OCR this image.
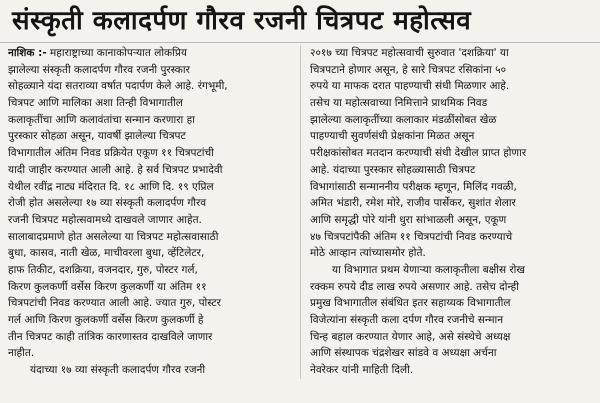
संस्कृती कलादर्पण गौरव रजनी चित्रपट महोत्सव
नाशिक :- महाराष्ट्राच्या कानाकोपऱ्यात लोकप्रिय
झालेल्या संस्कृती कलादर्पण गौरव रजनी पुरस्कार
सोहळ्याने यंदा सतराव्या वर्षात पदार्पण केले आहे. रंगभूमी,
चित्रपट आणि मालिका अशा तिन्ही विभागातील
कलाकृतींचा आणि कलावंतांचा सन्मान करणारा हा
पुरस्कार सोहळा असून, यावर्षी झालेल्या चित्रपट
विभागातील अंतिम निवड प्रक्रियेत एकूण ११ चित्रपटांची
यादी जाहीर करण्यात आली आहे. हे सर्व चित्रपट प्रभादेवी
येथील रवींद्र नाट्य मंदिरात दि. १८ आणि दि. १९ एप्रिल
रोजी होत असलेल्या १७ व्या संस्कृती कलादर्पण गौरव
रजनी चित्रपट महोत्सवामध्ये दाखवले जाणार आहेत.
सालाबादप्रमाणे होत असलेल्या या चित्रपट महोत्सवासाठी
बुधा, कासव, नाती खेळ, माचीवरला बुधा, व्हेंटिलेटर,
हाफ तिकीट, दशक्रिया, वजनदार, गुरु, पोस्टर गर्ल,
किरण कुलकर्णी वर्सेस किरण कुलकर्णी या अंतिम ११
चित्रपटांची निवड करण्यात आली आहे. ज्यात गुरु, पोस्टर
गर्ल आणि किरण कुलकर्णी वर्सेस किरण कुलकर्णी हे
तीन चित्रपट काही तांत्रिक कारणास्तव दाखविले जाणार
नाहीत.
यंदाच्या १७ व्या संस्कृती कलादर्पण गौरव रजनी
२०१७ च्या चित्रपट महोत्सवाची सुरुवात 'दशक्रिया' या
चित्रपटाने होणार असून, हे सारे चित्रपट रसिकांना ५०
रुपये या माफक दरात पाहण्याची संधी मिळणार आहे.
तसेच या महोत्सवाच्या निमित्ताने प्राथमिक निवड
झालेल्या कलाकृतींच्या कलाकार मंडळींसोबत खेळ
पाहण्याची सुवर्णसंधी प्रेक्षकांना मिळत असून
परीक्षकांसोबत मतदान करण्याची संधी देखील प्राप्त होणार
आहे. यंदाच्या पुरस्कार सोहळ्यासाठी चित्रपट
विभागांसाठी सन्माननीय परीक्षक म्हणून, मिलिंद गवळी,
अमित भंडारी, रमेश मोरे, राजीव पार्सेकर, सुशांत शेलार
आणि समृद्धी पोरे यांनी धुरा सांभाळली असून, एकूण
४७ चित्रपटांपैकी अंतिम ११ चित्रपटांची निवड करण्याचे
मोठे आव्हान त्यांच्यासमोर होते.
या विभागात प्रथम येणाऱ्या कलाकृतीला बक्षीस रोख
रक्कम रुपये दीड लाख रुपये असणार आहे. तसेच दोन्ही
प्रमुख विभागातील संबंधित इतर सहाय्यक विभागातील
विजेत्यांना संस्कृती कला दर्पण गौरव रजनीचे सन्मान
चिन्ह बहाल करण्यात येणार आहे, असे संस्थेचे अध्यक्ष
आणि संस्थापक चंद्रशेखर सांडवे व अध्यक्षा अर्चना
नेवरेकर यांनी माहिती दिली.
